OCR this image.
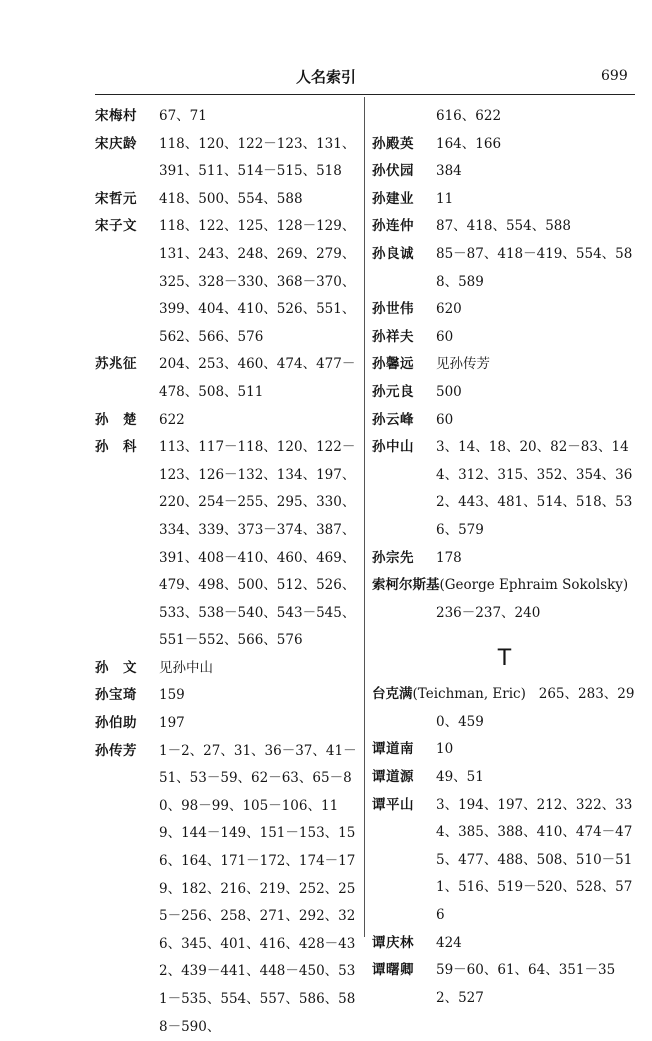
人名索引	699
宋梅村 67、71
宋庆龄 118、120、122－123、131、391、511、514－515、518
宋哲元 418、500、554、588
宋子文 118、122、125、128－129、131、243、248、269、279、325、328－330、368－370、399、404、410、526、551、562、566、576
苏兆征 204、253、460、474、477－478、508、511
孙　楚 622
孙　科 113、117－118、120、122－123、126－132、134、197、220、254－255、295、330、334、339、373－374、387、391、408－410、460、469、479、498、500、512、526、533、538－540、543－545、551－552、566、576
孙　文 见孙中山
孙宝琦 159
孙伯助 197
孙传芳 1－2、27、31、36－37、41－51、53－59、62－63、65－80、98－99、105－106、119、144－149、151－153、156、164、171－172、174－179、182、216、219、252、255－256、258、271、292、326、345、401、416、428－432、439－441、448－450、531－535、554、557、586、588－590、
616、622
孙殿英 164、166
孙伏园 384
孙建业 11
孙连仲 87、418、554、588
孙良诚 85－87、418－419、554、588、589
孙世伟 620
孙祥夫 60
孙馨远 见孙传芳
孙元良 500
孙云峰 60
孙中山 3、14、18、20、82－83、144、312、315、352、354、362、443、481、514、518、536、579
孙宗先 178
索柯尔斯基(George Ephraim Sokolsky)
236－237、240
T
台克满(Teichman, Eric) 265、283、290、459
谭道南 10
谭道源 49、51
谭平山 3、194、197、212、322、334、385、388、410、474－475、477、488、508、510－511、516、519－520、528、576
谭庆林 424
谭曙卿 59－60、61、64、351－352、527
